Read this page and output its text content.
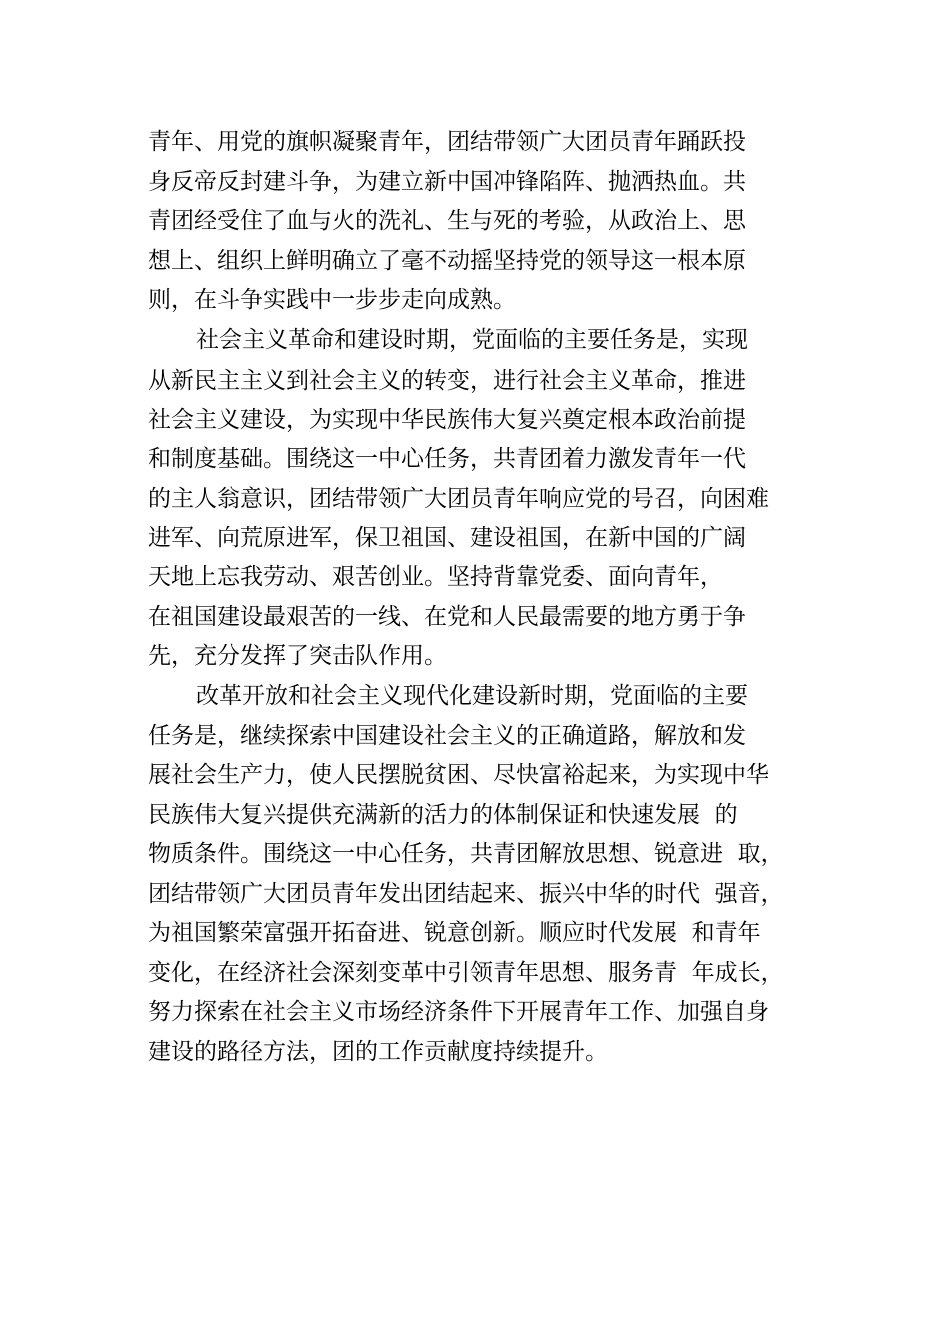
青年、用党的旗帜凝聚青年，团结带领广大团员青年踊跃投
身反帝反封建斗争，为建立新中国冲锋陷阵、抛洒热血。共
青团经受住了血与火的洗礼、生与死的考验，从政治上、思
想上、组织上鲜明确立了毫不动摇坚持党的领导这一根本原
则，在斗争实践中一步步走向成熟。
社会主义革命和建设时期，党面临的主要任务是，实现
从新民主主义到社会主义的转变，进行社会主义革命，推进
社会主义建设，为实现中华民族伟大复兴奠定根本政治前提
和制度基础。围绕这一中心任务，共青团着力激发青年一代
的主人翁意识，团结带领广大团员青年响应党的号召，向困难
进军、向荒原进军，保卫祖国、建设祖国，在新中国的广阔
天地上忘我劳动、艰苦创业。坚持背靠党委、面向青年，
在祖国建设最艰苦的一线、在党和人民最需要的地方勇于争
先，充分发挥了突击队作用。
改革开放和社会主义现代化建设新时期，党面临的主要
任务是，继续探索中国建设社会主义的正确道路，解放和发
展社会生产力，使人民摆脱贫困、尽快富裕起来，为实现中华
民族伟大复兴提供充满新的活力的体制保证和快速发展  的
物质条件。围绕这一中心任务，共青团解放思想、锐意进  取，
团结带领广大团员青年发出团结起来、振兴中华的时代  强音，
为祖国繁荣富强开拓奋进、锐意创新。顺应时代发展  和青年
变化，在经济社会深刻变革中引领青年思想、服务青  年成长，
努力探索在社会主义市场经济条件下开展青年工作、加强自身
建设的路径方法，团的工作贡献度持续提升。
